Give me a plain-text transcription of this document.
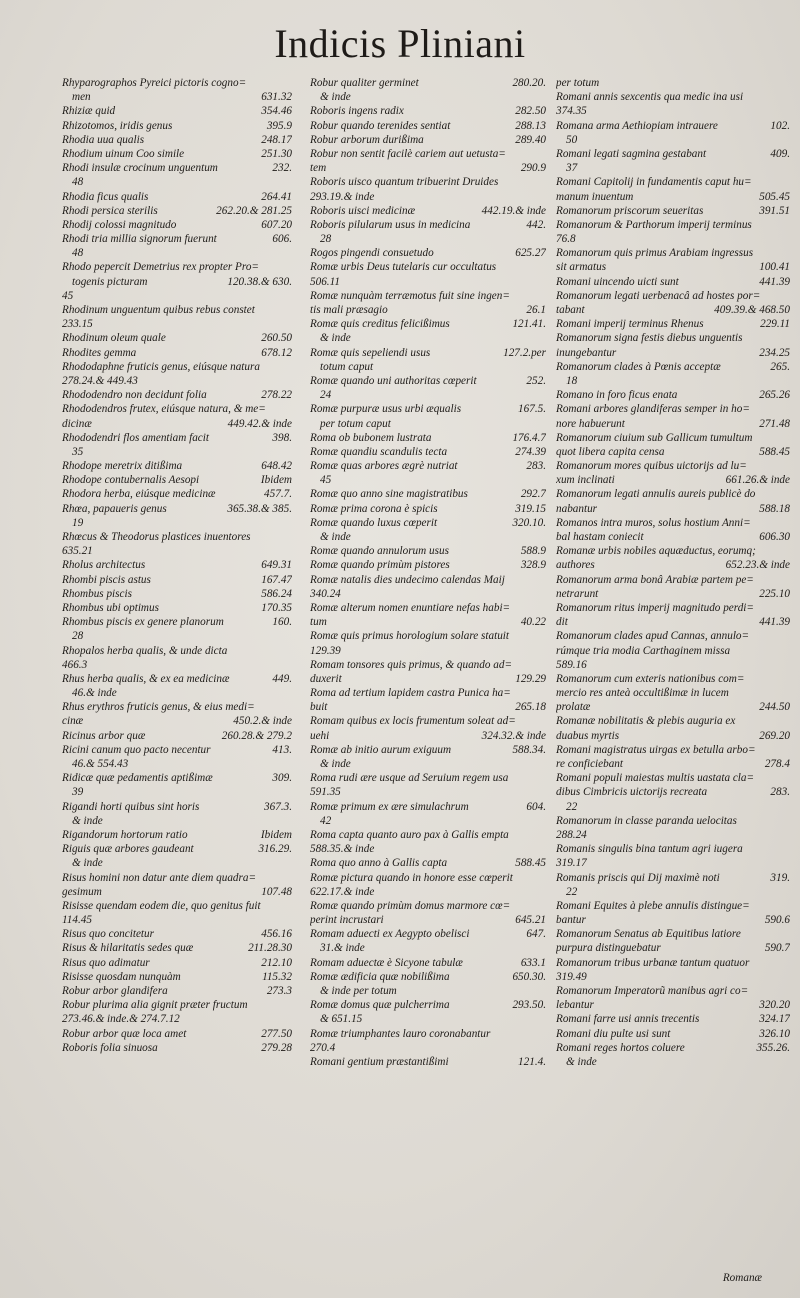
Indicis Pliniani
Rhyparographos Pyreici pictoris cogno=
men	631.32
Rhiziæ quid	354.46
Rhizotomos, iridis genus	395.9
Rhodia uua qualis	248.17
Rhodium uinum Coo simile	251.30
Rhodi insulæ crocinum unguentum	232.
48
Rhodia ficus qualis	264.41
Rhodi persica sterilis	262.20.& 281.25
Rhodij colossi magnitudo	607.20
Rhodi tria millia signorum fuerunt	606.
48
Rhodo pepercit Demetrius rex propter Pro=
togenis picturam	120.38.& 630.
45
Rhodinum unguentum quibus rebus constet
233.15
Rhodinum oleum quale	260.50
Rhodites gemma	678.12
Rhododaphne fruticis genus, eiúsque natura
278.24.& 449.43
Rhododendro non decidunt folia	278.22
Rhododendros frutex, eiúsque natura, & me=
dicinæ	449.42.& inde
Rhododendri flos amentiam facit	398.
35
Rhodope meretrix ditißima	648.42
Rhodope contubernalis Aesopi	Ibidem
Rhodora herba, eiúsque medicinæ	457.7.
Rhœa, papaueris genus	365.38.& 385.
19
Rhœcus & Theodorus plastices inuentores
635.21
Rholus architectus	649.31
Rhombi piscis astus	167.47
Rhombus piscis	586.24
Rhombus ubi optimus	170.35
Rhombus piscis ex genere planorum	160.
28
Rhopalos herba qualis, & unde dicta
466.3
Rhus herba qualis, & ex ea medicinæ	449.
46.& inde
Rhus erythros fruticis genus, & eius medi=
cinæ	450.2.& inde
Ricinus arbor quæ	260.28.& 279.2
Ricini canum quo pacto necentur	413.
46.& 554.43
Ridicæ quæ pedamentis aptißimæ	309.
39
Rigandi horti quibus sint horis	367.3.
& inde
Rigandorum hortorum ratio	Ibidem
Riguis quæ arbores gaudeant	316.29.
& inde
Risus homini non datur ante diem quadra=
gesimum	107.48
Risisse quendam eodem die, quo genitus fuit
114.45
Risus quo concitetur	456.16
Risus & hilaritatis sedes quæ	211.28.30
Risus quo adimatur	212.10
Risisse quosdam nunquàm	115.32
Robur arbor glandifera	273.3
Robur plurima alia gignit præter fructum
273.46.& inde.& 274.7.12
Robur arbor quæ loca amet	277.50
Roboris folia sinuosa	279.28
Robur qualiter germinet	280.20.
& inde
Roboris ingens radix	282.50
Robur quando terenides sentiat	288.13
Robur arborum durißima	289.40
Robur non sentit facilè cariem aut uetusta=
tem	290.9
Roboris uisco quantum tribuerint Druides
293.19.& inde
Roboris uisci medicinæ	442.19.& inde
Roboris pilularum usus in medicina	442.
28
Rogos pingendi consuetudo	625.27
Romæ urbis Deus tutelaris cur occultatus
506.11
Romæ nunquàm terræmotus fuit sine ingen=
tis mali præsagio	26.1
Romæ quis creditus felicißimus	121.41.
& inde
Romæ quis sepeliendi usus	127.2.per
totum caput
Romæ quando uni authoritas cœperit	252.
24
Romæ purpuræ usus urbi æqualis	167.5.
per totum caput
Roma ob bubonem lustrata	176.4.7
Romæ quandiu scandulis tecta	274.39
Romæ quas arbores ægrè nutriat	283.
45
Romæ quo anno sine magistratibus	292.7
Romæ prima corona è spicis	319.15
Romæ quando luxus cœperit	320.10.
& inde
Romæ quando annulorum usus	588.9
Romæ quando primùm pistores	328.9
Romæ natalis dies undecimo calendas Maij
340.24
Romæ alterum nomen enuntiare nefas habi=
tum	40.22
Romæ quis primus horologium solare statuit
129.39
Romam tonsores quis primus, & quando ad=
duxerit	129.29
Roma ad tertium lapidem castra Punica ha=
buit	265.18
Romam quibus ex locis frumentum soleat ad=
uehi	324.32.& inde
Romæ ab initio aurum exiguum	588.34.
& inde
Roma rudi ære usque ad Seruium regem usa
591.35
Romæ primum ex ære simulachrum	604.
42
Roma capta quanto auro pax à Gallis empta
588.35.& inde
Roma quo anno à Gallis capta	588.45
Romæ pictura quando in honore esse cœperit
622.17.& inde
Romæ quando primùm domus marmore cœ=
perint incrustari	645.21
Romam aduecti ex Aegypto obelisci	647.
31.& inde
Romam aduectæ è Sicyone tabulæ	633.1
Romæ ædificia quæ nobilißima	650.30.
& inde per totum
Romæ domus quæ pulcherrima	293.50.
& 651.15
Romæ triumphantes lauro coronabantur
270.4
Romani gentium præstantißimi	121.4.
per totum
Romani annis sexcentis qua medic ina usi
374.35
Romana arma Aethiopiam intrauere	102.
50
Romani legati sagmina gestabant	409.
37
Romani Capitolij in fundamentis caput hu=
manum inuentum	505.45
Romanorum priscorum seueritas	391.51
Romanorum & Parthorum imperij terminus
76.8
Romanorum quis primus Arabiam ingressus
sit armatus	100.41
Romani uincendo uicti sunt	441.39
Romanorum legati uerbenacâ ad hostes por=
tabant	409.39.& 468.50
Romani imperij terminus Rhenus	229.11
Romanorum signa festis diebus unguentis
inungebantur	234.25
Romanorum clades à Pœnis acceptæ	265.
18
Romano in foro ficus enata	265.26
Romani arbores glandiferas semper in ho=
nore habuerunt	271.48
Romanorum ciuium sub Gallicum tumultum
quot libera capita censa	588.45
Romanorum mores quibus uictorijs ad lu=
xum inclinati	661.26.& inde
Romanorum legati annulis aureis publicè do
nabantur	588.18
Romanos intra muros, solus hostium Anni=
bal hastam coniecit	606.30
Romanæ urbis nobiles aquæductus, eorumq;
authores	652.23.& inde
Romanorum arma bonâ Arabiæ partem pe=
netrarunt	225.10
Romanorum ritus imperij magnitudo perdi=
dit	441.39
Romanorum clades apud Cannas, annulo=
rúmque tria modia Carthaginem missa
589.16
Romanorum cum exteris nationibus com=
mercio res anteà occultißimæ in lucem
prolatæ	244.50
Romanæ nobilitatis & plebis auguria ex
duabus myrtis	269.20
Romani magistratus uirgas ex betulla arbo=
re conficiebant	278.4
Romani populi maiestas multis uastata cla=
dibus Cimbricis uictorijs recreata	283.
22
Romanorum in classe paranda uelocitas
288.24
Romanis singulis bina tantum agri iugera
319.17
Romanis priscis qui Dij maximè noti	319.
22
Romani Equites à plebe annulis distingue=
bantur	590.6
Romanorum Senatus ab Equitibus latiore
purpura distinguebatur	590.7
Romanorum tribus urbanæ tantum quatuor
319.49
Romanorum Imperatorũ manibus agri co=
lebantur	320.20
Romani farre usi annis trecentis	324.17
Romani diu pulte usi sunt	326.10
Romani reges hortos coluere	355.26.
& inde
Romanæ
